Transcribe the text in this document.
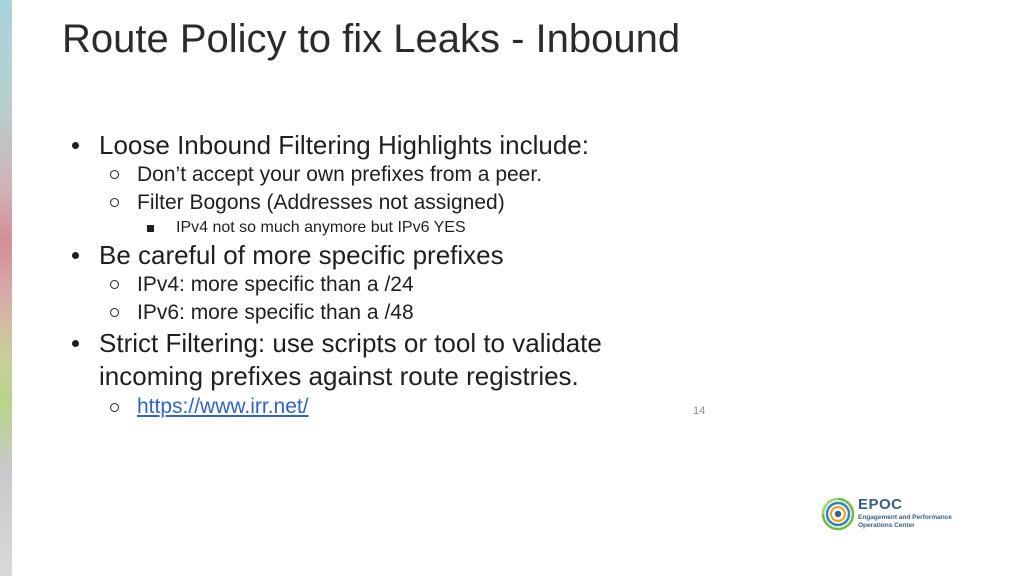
Route Policy to fix Leaks - Inbound
Loose Inbound Filtering Highlights include:
Don’t accept your own prefixes from a peer.
Filter Bogons (Addresses not assigned)
IPv4 not so much anymore but IPv6 YES
Be careful of more specific prefixes
IPv4: more specific than a /24
IPv6: more specific than a /48
Strict Filtering: use scripts or tool to validate
incoming prefixes against route registries.
https://www.irr.net/	14
EPOC
Engagement and Performance
Operations Center
